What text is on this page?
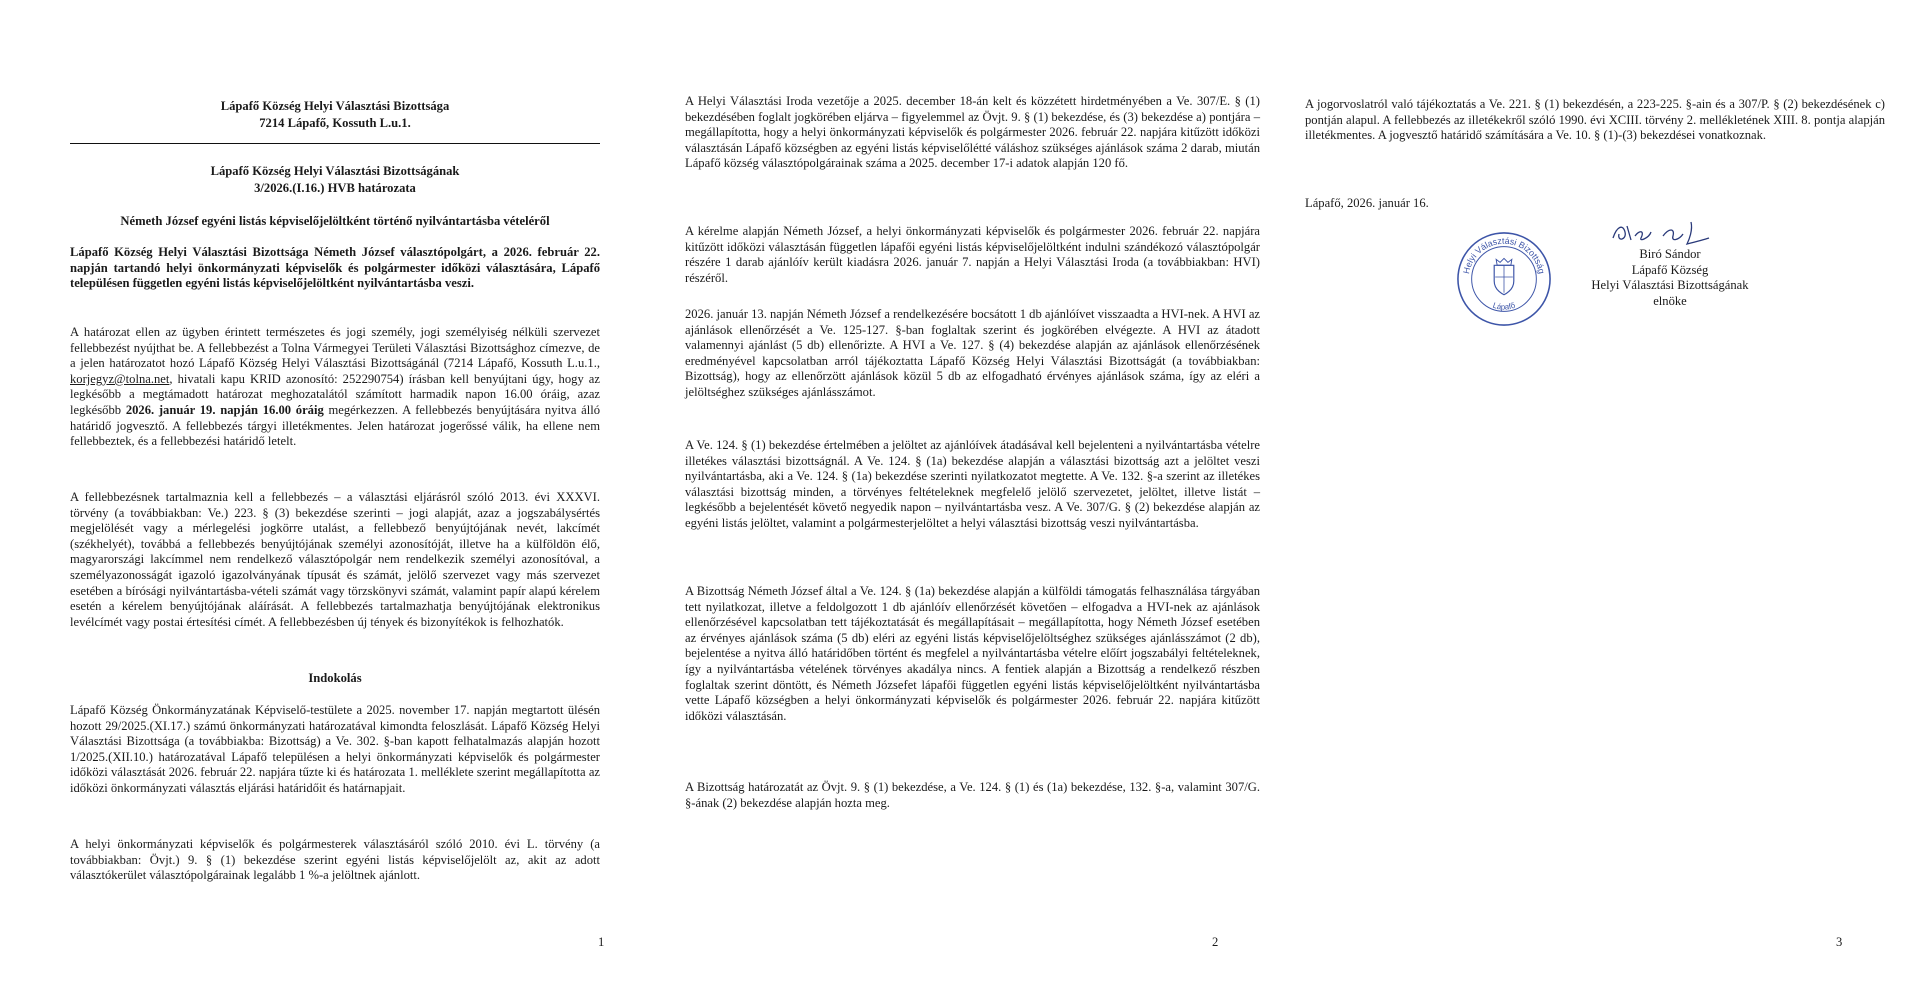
Lápafő Község Helyi Választási Bizottsága
7214 Lápafő, Kossuth L.u.1.
Lápafő Község Helyi Választási Bizottságának
3/2026.(I.16.) HVB határozata
Németh József egyéni listás képviselőjelöltként történő nyilvántartásba vételéről
Lápafő Község Helyi Választási Bizottsága Németh József választópolgárt, a 2026. február 22. napján tartandó helyi önkormányzati képviselők és polgármester időközi választására, Lápafő településen független egyéni listás képviselőjelöltként nyilvántartásba veszi.
A határozat ellen az ügyben érintett természetes és jogi személy, jogi személyiség nélküli szervezet fellebbezést nyújthat be. A fellebbezést a Tolna Vármegyei Területi Választási Bizottsághoz címezve, de a jelen határozatot hozó Lápafő Község Helyi Választási Bizottságánál (7214 Lápafő, Kossuth L.u.1., korjegyz@tolna.net, hivatali kapu KRID azonosító: 252290754) írásban kell benyújtani úgy, hogy az legkésőbb a megtámadott határozat meghozatalától számított harmadik napon 16.00 óráig, azaz legkésőbb 2026. január 19. napján 16.00 óráig megérkezzen. A fellebbezés benyújtására nyitva álló határidő jogvesztő. A fellebbezés tárgyi illetékmentes. Jelen határozat jogerőssé válik, ha ellene nem fellebbeztek, és a fellebbezési határidő letelt.
A fellebbezésnek tartalmaznia kell a fellebbezés – a választási eljárásról szóló 2013. évi XXXVI. törvény (a továbbiakban: Ve.) 223. § (3) bekezdése szerinti – jogi alapját, azaz a jogszabálysértés megjelölését vagy a mérlegelési jogkörre utalást, a fellebbező benyújtójának nevét, lakcímét (székhelyét), továbbá a fellebbezés benyújtójának személyi azonosítóját, illetve ha a külföldön élő, magyarországi lakcímmel nem rendelkező választópolgár nem rendelkezik személyi azonosítóval, a személyazonosságát igazoló igazolványának típusát és számát, jelölő szervezet vagy más szervezet esetében a bírósági nyilvántartásba-vételi számát vagy törzskönyvi számát, valamint papír alapú kérelem esetén a kérelem benyújtójának aláírását. A fellebbezés tartalmazhatja benyújtójának elektronikus levélcímét vagy postai értesítési címét. A fellebbezésben új tények és bizonyítékok is felhozhatók.
Indokolás
Lápafő Község Önkormányzatának Képviselő-testülete a 2025. november 17. napján megtartott ülésén hozott 29/2025.(XI.17.) számú önkormányzati határozatával kimondta feloszlását. Lápafő Község Helyi Választási Bizottsága (a továbbiakba: Bizottság) a Ve. 302. §-ban kapott felhatalmazás alapján hozott 1/2025.(XII.10.) határozatával Lápafő településen a helyi önkormányzati képviselők és polgármester időközi választását 2026. február 22. napjára tűzte ki és határozata 1. melléklete szerint megállapította az időközi önkormányzati választás eljárási határidőit és határnapjait.
A helyi önkormányzati képviselők és polgármesterek választásáról szóló 2010. évi L. törvény (a továbbiakban: Övjt.) 9. § (1) bekezdése szerint egyéni listás képviselőjelölt az, akit az adott választókerület választópolgárainak legalább 1 %-a jelöltnek ajánlott.
1
A Helyi Választási Iroda vezetője a 2025. december 18-án kelt és közzétett hirdetményében a Ve. 307/E. § (1) bekezdésében foglalt jogkörében eljárva – figyelemmel az Övjt. 9. § (1) bekezdése, és (3) bekezdése a) pontjára – megállapította, hogy a helyi önkormányzati képviselők és polgármester 2026. február 22. napjára kitűzött időközi választásán Lápafő községben az egyéni listás képviselőlétté váláshoz szükséges ajánlások száma 2 darab, miután Lápafő község választópolgárainak száma a 2025. december 17-i adatok alapján 120 fő.
A kérelme alapján Németh József, a helyi önkormányzati képviselők és polgármester 2026. február 22. napjára kitűzött időközi választásán független lápafői egyéni listás képviselőjelöltként indulni szándékozó választópolgár részére 1 darab ajánlóív került kiadásra 2026. január 7. napján a Helyi Választási Iroda (a továbbiakban: HVI) részéről.
2026. január 13. napján Németh József a rendelkezésére bocsátott 1 db ajánlóívet visszaadta a HVI-nek. A HVI az ajánlások ellenőrzését a Ve. 125-127. §-ban foglaltak szerint és jogkörében elvégezte. A HVI az átadott valamennyi ajánlást (5 db) ellenőrizte. A HVI a Ve. 127. § (4) bekezdése alapján az ajánlások ellenőrzésének eredményével kapcsolatban arról tájékoztatta Lápafő Község Helyi Választási Bizottságát (a továbbiakban: Bizottság), hogy az ellenőrzött ajánlások közül 5 db az elfogadható érvényes ajánlások száma, így az eléri a jelöltséghez szükséges ajánlásszámot.
A Ve. 124. § (1) bekezdése értelmében a jelöltet az ajánlóívek átadásával kell bejelenteni a nyilvántartásba vételre illetékes választási bizottságnál. A Ve. 124. § (1a) bekezdése alapján a választási bizottság azt a jelöltet veszi nyilvántartásba, aki a Ve. 124. § (1a) bekezdése szerinti nyilatkozatot megtette. A Ve. 132. §-a szerint az illetékes választási bizottság minden, a törvényes feltételeknek megfelelő jelölő szervezetet, jelöltet, illetve listát – legkésőbb a bejelentését követő negyedik napon – nyilvántartásba vesz. A Ve. 307/G. § (2) bekezdése alapján az egyéni listás jelöltet, valamint a polgármesterjelöltet a helyi választási bizottság veszi nyilvántartásba.
A Bizottság Németh József által a Ve. 124. § (1a) bekezdése alapján a külföldi támogatás felhasználása tárgyában tett nyilatkozat, illetve a feldolgozott 1 db ajánlóív ellenőrzését követően – elfogadva a HVI-nek az ajánlások ellenőrzésével kapcsolatban tett tájékoztatását és megállapításait – megállapította, hogy Németh József esetében az érvényes ajánlások száma (5 db) eléri az egyéni listás képviselőjelöltséghez szükséges ajánlásszámot (2 db), bejelentése a nyitva álló határidőben történt és megfelel a nyilvántartásba vételre előírt jogszabályi feltételeknek, így a nyilvántartásba vételének törvényes akadálya nincs. A fentiek alapján a Bizottság a rendelkező részben foglaltak szerint döntött, és Németh Józsefet lápafői független egyéni listás képviselőjelöltként nyilvántartásba vette Lápafő községben a helyi önkormányzati képviselők és polgármester 2026. február 22. napjára kitűzött időközi választásán.
A Bizottság határozatát az Övjt. 9. § (1) bekezdése, a Ve. 124. § (1) és (1a) bekezdése, 132. §-a, valamint 307/G. §-ának (2) bekezdése alapján hozta meg.
2
A jogorvoslatról való tájékoztatás a Ve. 221. § (1) bekezdésén, a 223-225. §-ain és a 307/P. § (2) bekezdésének c) pontján alapul. A fellebbezés az illetékekről szóló 1990. évi XCIII. törvény 2. mellékletének XIII. 8. pontja alapján illetékmentes. A jogvesztő határidő számítására a Ve. 10. § (1)-(3) bekezdései vonatkoznak.
Lápafő, 2026. január 16.
Helyi Választási Bizottság
Lápafő
Biró Sándor
Lápafő Község
Helyi Választási Bizottságának
elnöke
3
